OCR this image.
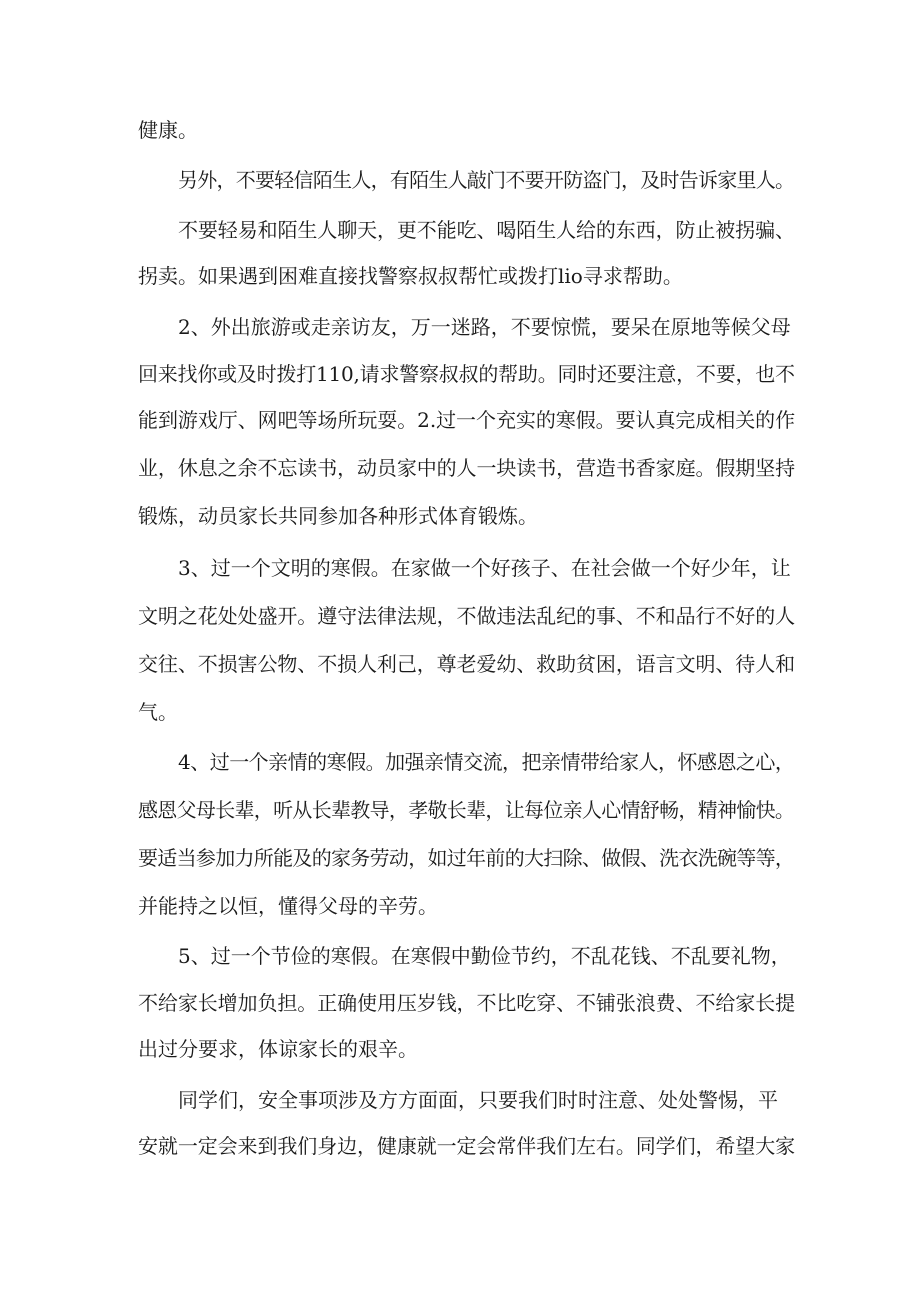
健康。
另外，不要轻信陌生人，有陌生人敲门不要开防盗门，及时告诉家里人。
不要轻易和陌生人聊天，更不能吃、喝陌生人给的东西，防止被拐骗、
拐卖。如果遇到困难直接找警察叔叔帮忙或拨打lio寻求帮助。
2、外出旅游或走亲访友，万一迷路，不要惊慌，要呆在原地等候父母
回来找你或及时拨打110,请求警察叔叔的帮助。同时还要注意，不要，也不
能到游戏厅、网吧等场所玩耍。2.过一个充实的寒假。要认真完成相关的作
业，休息之余不忘读书，动员家中的人一块读书，营造书香家庭。假期坚持
锻炼，动员家长共同参加各种形式体育锻炼。
3、过一个文明的寒假。在家做一个好孩子、在社会做一个好少年，让
文明之花处处盛开。遵守法律法规，不做违法乱纪的事、不和品行不好的人
交往、不损害公物、不损人利己，尊老爱幼、救助贫困，语言文明、待人和
气。
4、过一个亲情的寒假。加强亲情交流，把亲情带给家人，怀感恩之心，
感恩父母长辈，听从长辈教导，孝敬长辈，让每位亲人心情舒畅，精神愉快。
要适当参加力所能及的家务劳动，如过年前的大扫除、做假、洗衣洗碗等等，
并能持之以恒，懂得父母的辛劳。
5、过一个节俭的寒假。在寒假中勤俭节约，不乱花钱、不乱要礼物，
不给家长增加负担。正确使用压岁钱，不比吃穿、不铺张浪费、不给家长提
出过分要求，体谅家长的艰辛。
同学们，安全事项涉及方方面面，只要我们时时注意、处处警惕，平
安就一定会来到我们身边，健康就一定会常伴我们左右。同学们，希望大家
